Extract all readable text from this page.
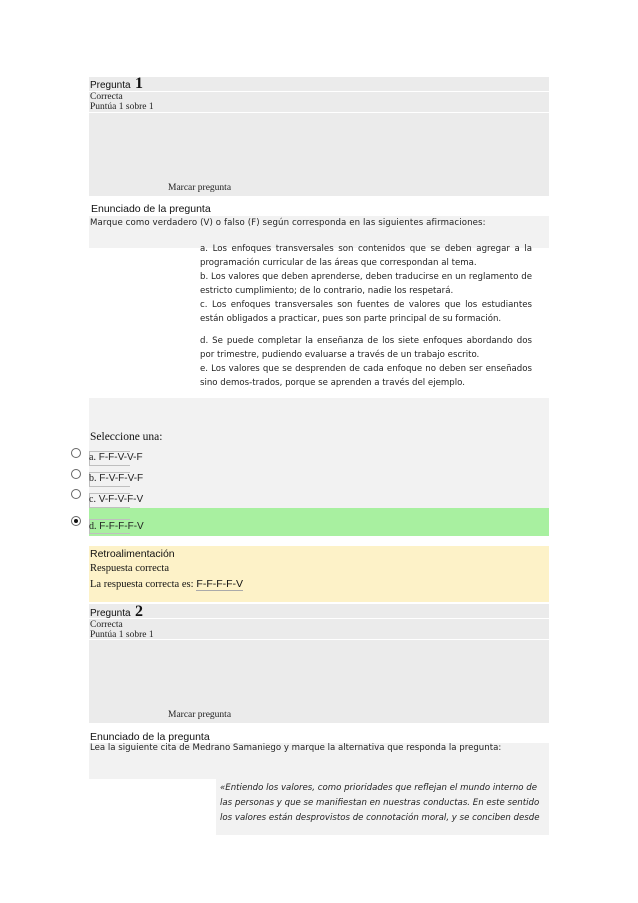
Pregunta 1
Correcta
Puntúa 1 sobre 1
Marcar pregunta
Enunciado de la pregunta
Marque como verdadero (V) o falso (F) según corresponda en las siguientes afirmaciones:
a. Los enfoques transversales son contenidos que se deben agregar a la programación curricular de las áreas que correspondan al tema.
b. Los valores que deben aprenderse, deben traducirse en un reglamento de estricto cumplimiento; de lo contrario, nadie los respetará.
c. Los enfoques transversales son fuentes de valores que los estudiantes están obligados a practicar, pues son parte principal de su formación.
d. Se puede completar la enseñanza de los siete enfoques abordando dos por trimestre, pudiendo evaluarse a través de un trabajo escrito.
e. Los valores que se desprenden de cada enfoque no deben ser enseñados sino demos-trados, porque se aprenden a través del ejemplo.
Seleccione una:
a. F-F-V-V-F
b. F-V-F-V-F
c. V-F-V-F-V
d. F-F-F-F-V
Retroalimentación
Respuesta correcta
La respuesta correcta es: F-F-F-F-V
Pregunta 2
Correcta
Puntúa 1 sobre 1
Marcar pregunta
Enunciado de la pregunta
Lea la siguiente cita de Medrano Samaniego y marque la alternativa que responda la pregunta:
«Entiendo los valores, como prioridades que reflejan el mundo interno de
las personas y que se manifiestan en nuestras conductas. En este sentido
los valores están desprovistos de connotación moral, y se conciben desde
